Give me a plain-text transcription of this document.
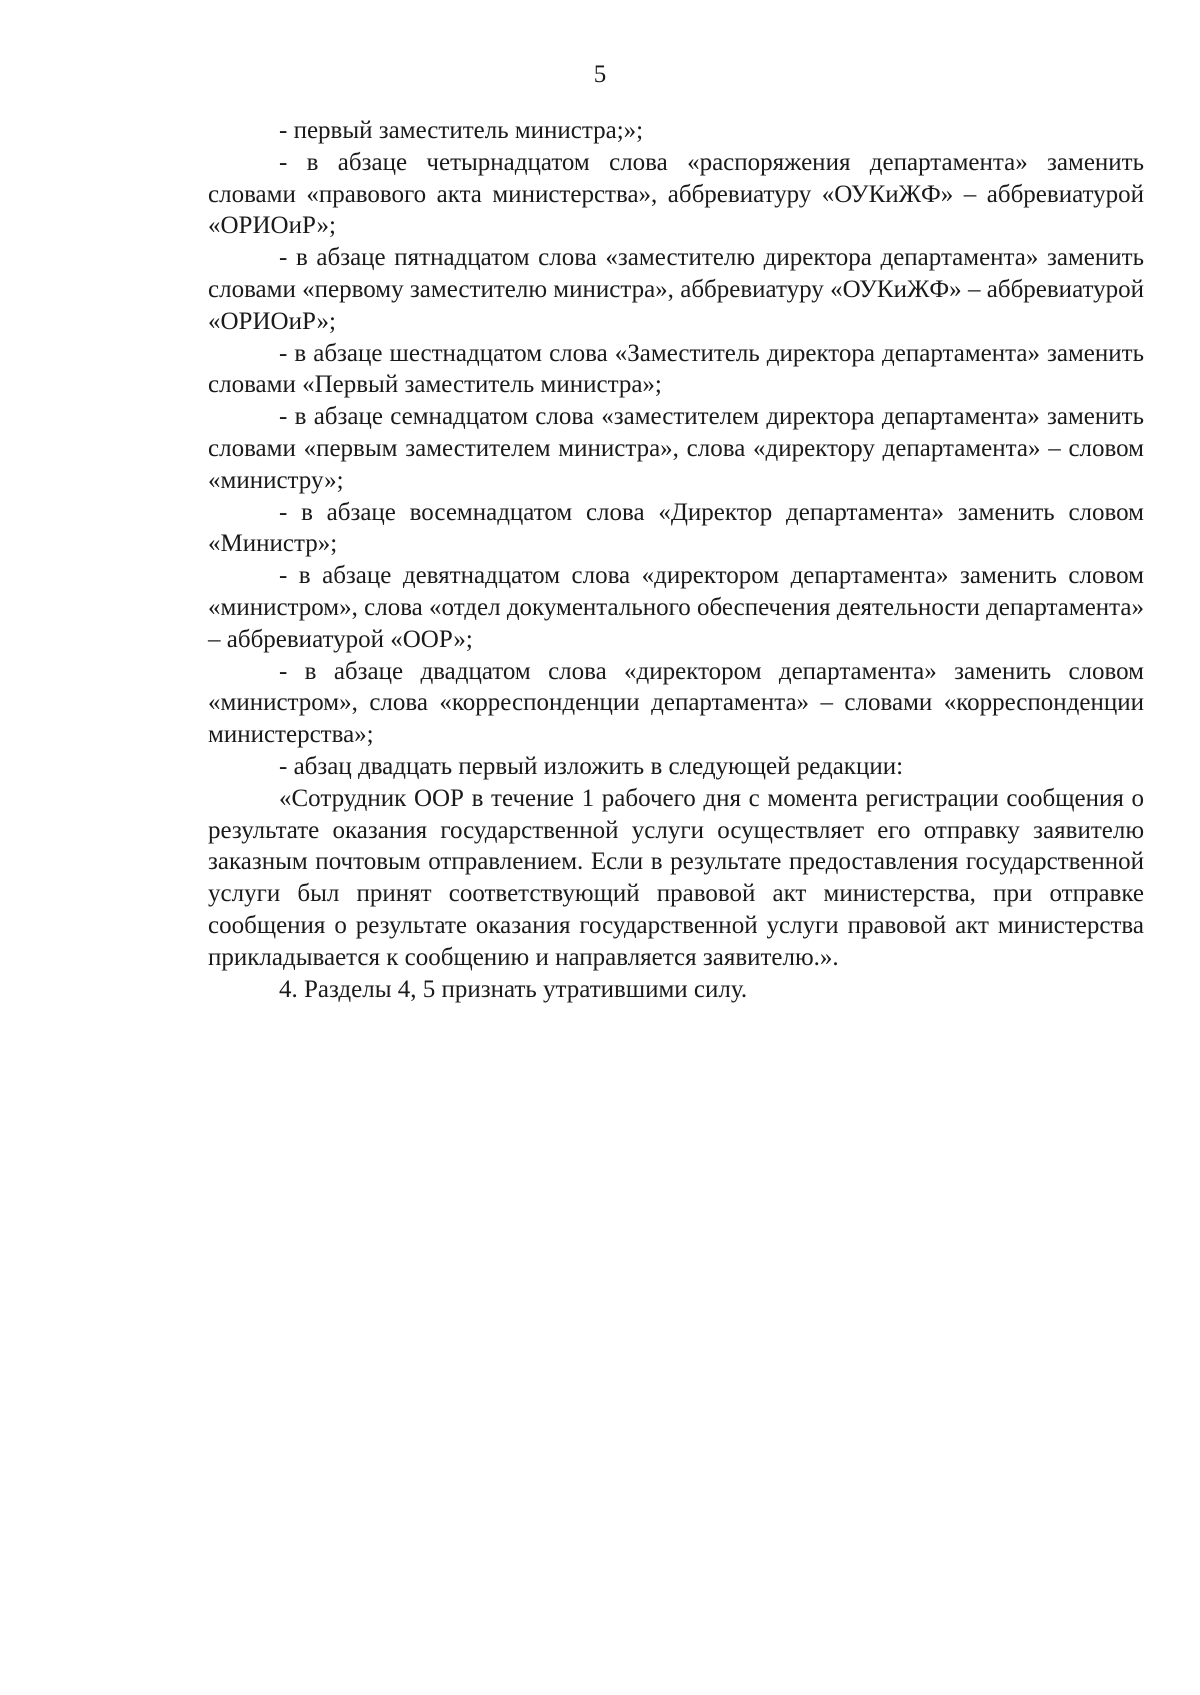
5

- первый заместитель министра;»;

- в абзаце четырнадцатом слова «распоряжения департамента» заменить словами «правового акта министерства», аббревиатуру «ОУКиЖФ» – аббревиатурой «ОРИОиР»;

- в абзаце пятнадцатом слова «заместителю директора департамента» заменить словами «первому заместителю министра», аббревиатуру «ОУКиЖФ» – аббревиатурой «ОРИОиР»;

- в абзаце шестнадцатом слова «Заместитель директора департамента» заменить словами «Первый заместитель министра»;

- в абзаце семнадцатом слова «заместителем директора департамента» заменить словами «первым заместителем министра», слова «директору департамента» – словом «министру»;

- в абзаце восемнадцатом слова «Директор департамента» заменить словом «Министр»;

- в абзаце девятнадцатом слова «директором департамента» заменить словом «министром», слова «отдел документального обеспечения деятельности департамента» – аббревиатурой «ООР»;

- в абзаце двадцатом слова «директором департамента» заменить словом «министром», слова «корреспонденции департамента» – словами «корреспонденции министерства»;

- абзац двадцать первый изложить в следующей редакции:

«Сотрудник ООР в течение 1 рабочего дня с момента регистрации сообщения о результате оказания государственной услуги осуществляет его отправку заявителю заказным почтовым отправлением. Если в результате предоставления государственной услуги был принят соответствующий правовой акт министерства, при отправке сообщения о результате оказания государственной услуги правовой акт министерства прикладывается к сообщению и направляется заявителю.».

4. Разделы 4, 5 признать утратившими силу.
